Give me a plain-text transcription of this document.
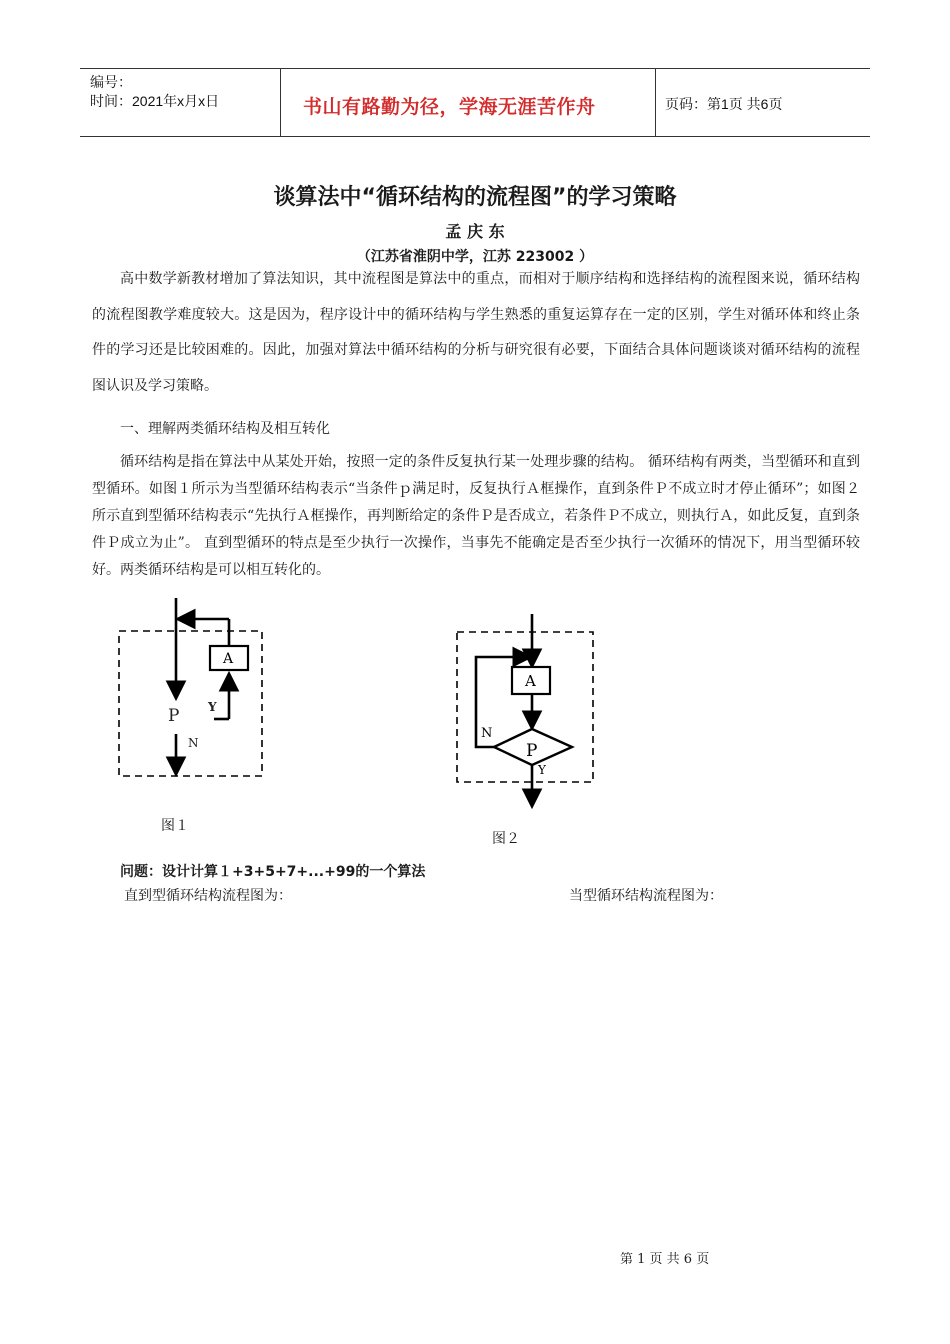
编号：
时间：2021年x月x日	书山有路勤为径，学海无涯苦作舟	页码：第1页 共6页
谈算法中“循环结构的流程图”的学习策略
孟 庆 东
（江苏省淮阴中学，江苏 223002 ）

高中数学新教材增加了算法知识，其中流程图是算法中的重点，而相对于顺序结构和选择结构的流程图来说，循环结构的流程图教学难度较大。这是因为，程序设计中的循环结构与学生熟悉的重复运算存在一定的区别，学生对循环体和终止条件的学习还是比较困难的。因此，加强对算法中循环结构的分析与研究很有必要，下面结合具体问题谈谈对循环结构的流程图认识及学习策略。

一、理解两类循环结构及相互转化

循环结构是指在算法中从某处开始，按照一定的条件反复执行某一处理步骤的结构。 循环结构有两类，当型循环和直到型循环。如图１所示为当型循环结构表示“当条件ｐ满足时，反复执行Ａ框操作，直到条件Ｐ不成立时才停止循环”；如图２所示直到型循环结构表示“先执行Ａ框操作，再判断给定的条件Ｐ是否成立，若条件Ｐ不成立，则执行Ａ，如此反复，直到条件Ｐ成立为止”。 直到型循环的特点是至少执行一次操作，当事先不能确定是否至少执行一次循环的情况下，用当型循环较好。两类循环结构是可以相互转化的。

A
P Y
N
图１
A
P
N
Y
图２
问题：设计计算１+3+5+7+...+99的一个算法
直到型循环结构流程图为：	当型循环结构流程图为：
第 1 页 共 6 页
